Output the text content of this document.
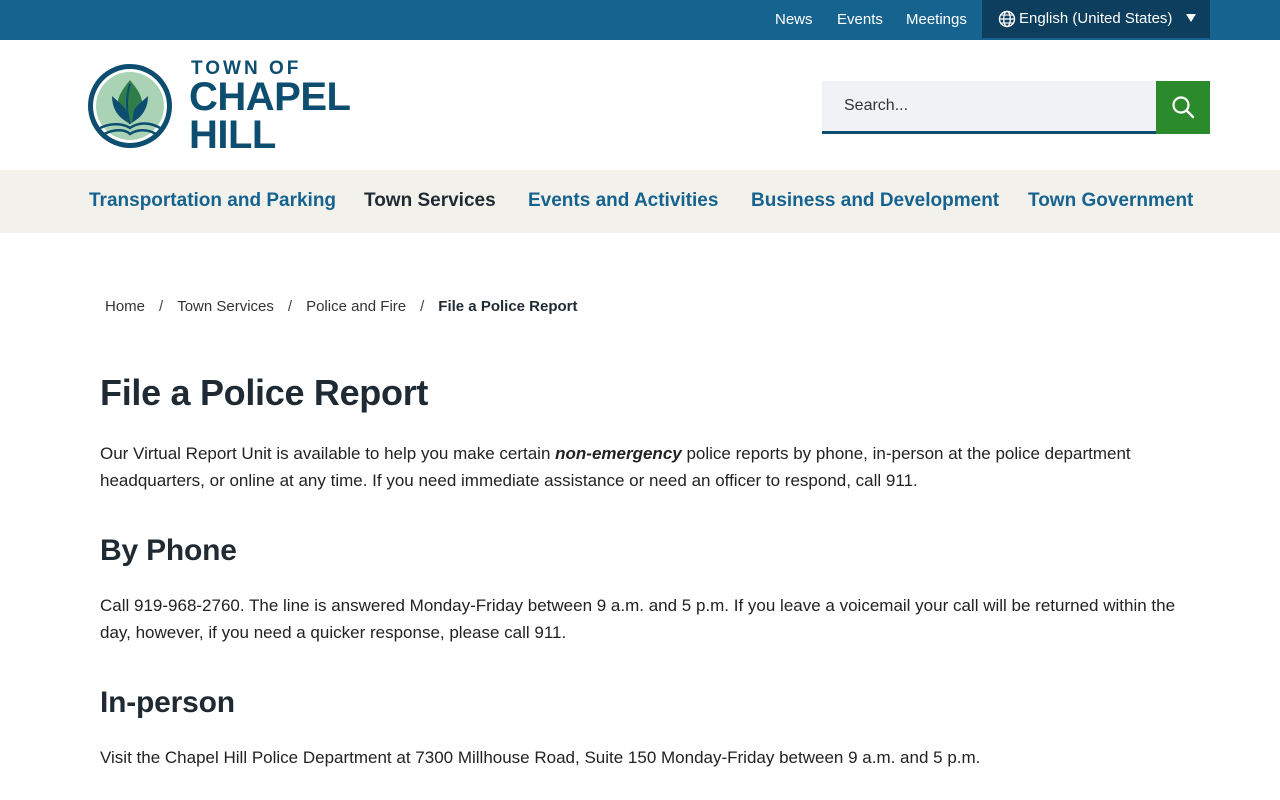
News Events Meetings	English (United States)
TOWN OF
CHAPEL
HILL
Search...
Transportation and Parking Town Services Events and Activities Business and Development Town Government
Home / Town Services / Police and Fire / File a Police Report
File a Police Report

Our Virtual Report Unit is available to help you make certain non-emergency police reports by phone, in-person at the police department headquarters, or online at any time. If you need immediate assistance or need an officer to respond, call 911.

By Phone

Call 919-968-2760. The line is answered Monday-Friday between 9 a.m. and 5 p.m. If you leave a voicemail your call will be returned within the day, however, if you need a quicker response, please call 911.

In-person

Visit the Chapel Hill Police Department at 7300 Millhouse Road, Suite 150 Monday-Friday between 9 a.m. and 5 p.m.
